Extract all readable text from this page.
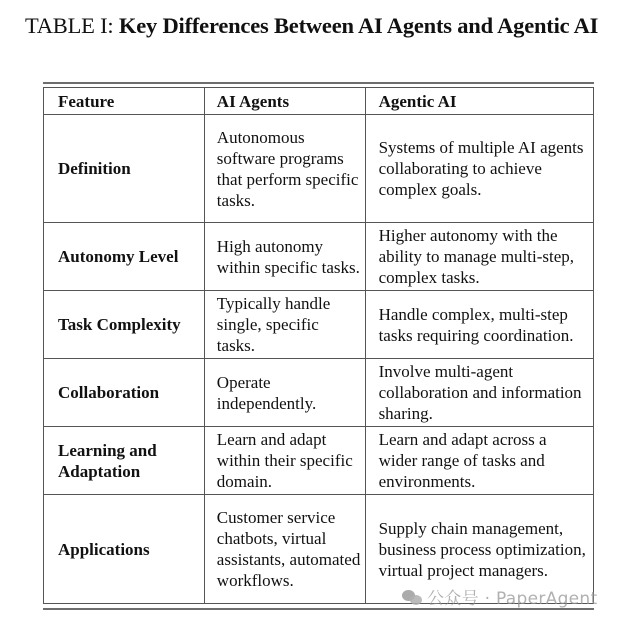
TABLE I: Key Differences Between AI Agents and Agentic AI
Feature	AI Agents	Agentic AI
Definition	Autonomous software programs that perform specific tasks.	Systems of multiple AI agents collaborating to achieve complex goals.
Autonomy Level	High autonomy within specific tasks.	Higher autonomy with the ability to manage multi-step, complex tasks.
Task Complexity	Typically handle single, specific tasks.	Handle complex, multi-step tasks requiring coordination.
Collaboration	Operate independently.	Involve multi-agent collaboration and information sharing.
Learning and Adaptation	Learn and adapt within their specific domain.	Learn and adapt across a wider range of tasks and environments.
Applications	Customer service chatbots, virtual assistants, automated workflows.	Supply chain management, business process optimization, virtual project managers.
公众号 · PaperAgent
